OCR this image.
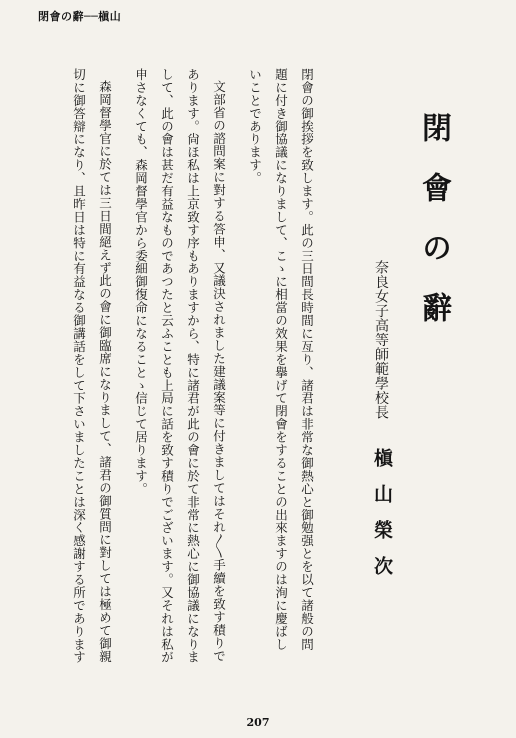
閉會の辭──槇山
閉會の辭
奈良女子高等師範學校長
槇山榮次
閉會の御挨拶を致します。此の三日間長時間に亙り、諸君は非常な御熱心と御勉强とを以て諸般の問
題に付き御協議になりまして、こゝに相當の效果を擧げて閉會をすることの出來ますのは洵に慶ばし
いことであります。
文部省の諮問案に對する答申、又議決されました建議案等に付きましてはそれ〳〵手續を致す積りで
あります。尙ほ私は上京致す序もありますから、特に諸君が此の會に於て非常に熱心に御協議になりま
して、此の會は甚だ有益なものであつたと云ふことも上局に話を致す積りでございます。又それは私が
申さなくても、森岡督學官から委細御復命になることゝ信じて居ります。
森岡督學官に於ては三日間絕えず此の會に御臨席になりまして、諸君の御質問に對しては極めて御親
切に御答辯になり、且昨日は特に有益なる御講話をして下さいましたことは深く感謝する所であります
207
